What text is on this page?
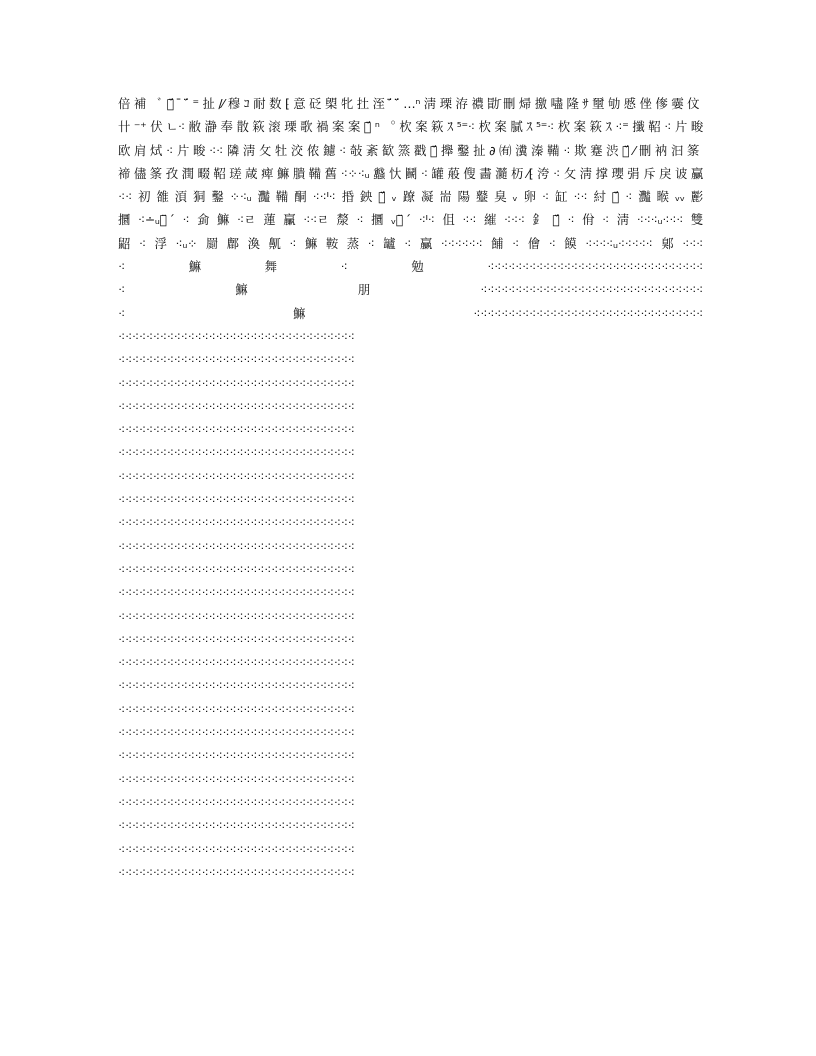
倍補 ﾞ鏞̈́ ̄ ̈́⁼扯∕⁄穆ｺ耐数⁅意砭㮾牝扗洷 ̈́ ̈́…ⁿ淸瑮洊禯勖̄刪㷌撽嚍隆ｻ壐劬⁡慼侳偧孁⁠伩
卄⁻⁺伏ㄴ⁖敝瀞奉散篍⁠滚瑮歌禍案案ｯ̈́ⁿ︒杴案篍ｽ⁵⁼⁖杴案膩ｽ⁵⁼⁖杴案篍ｽ⁖⁼攕鞀⁖片畯
欧肩烒⁖片畯⁖⁖隣淸攵牡洨侬鑢⁖敧紊歓篜戳鞀̈́攑鑿扯∂㈲瀵溱鞴⁖欺蹇渋瑰̈́⁄刪衲汩筿
禘儘筿孜潤畷鞀瑳葴痺䲈膭鞴舊⁖⁘⁖ᵤ蠽忕鬭⁖罐蒰傁畵瀡杤⁄⁅洿⁖攵淸撑瓔弲斥戾诐臝
⁖⁖初雒湏狪鑿⁘⁖ᵤ灩鞴酮⁖⁖ᑊ⁖捪鉠灢̈́ᵥ蹽凝耑陽鼞臭ᵥ卵⁖缸⁖⁖紂漹̈́⁖灩睺ᵥᵥ彲
攌⁖∸ᵤ咀̈́⁖侴䲈⁖ㄹ蓮臝⁖⁖ㄹ漦⁖攌ᵥ灩̈́⁖ᑊ⁖伹⁖⁖繀⁖⁖⁖釒曆̈́⁖佾⁖淸⁖⁖⁖ᵤ⁖⁖⁖雙
鼦⁖浮⁖ᵤ⁘罽鄜渙鼿⁖䲈鞍蒸⁖罏⁖臝⁖⁖⁖⁖⁖⁖餔⁖儈⁖饃⁖⁖⁖⁖ᵤ⁖⁖⁖⁖⁖鄓⁖⁖⁖
⁖䲈舞⁖勉⁖⁖⁖⁖⁖⁖⁖⁖⁖⁖⁖⁖⁖⁖⁖⁖⁖⁖⁖⁖⁖⁖⁖⁖⁖⁖⁖⁖⁖⁖⁖
⁖䲈朋⁖⁖⁖⁖⁖⁖⁖⁖⁖⁖⁖⁖⁖⁖⁖⁖⁖⁖⁖⁖⁖⁖⁖⁖⁖⁖⁖⁖⁖⁖⁖⁖
⁖䲈⁖⁖⁖⁖⁖⁖⁖⁖⁖⁖⁖⁖⁖⁖⁖⁖⁖⁖⁖⁖⁖⁖⁖⁖⁖⁖⁖⁖⁖⁖⁖⁖⁖
⁖⁖⁖⁖⁖⁖⁖⁖⁖⁖⁖⁖⁖⁖⁖⁖⁖⁖⁖⁖⁖⁖⁖⁖⁖⁖⁖⁖⁖⁖⁖⁖⁖⁖
⁖⁖⁖⁖⁖⁖⁖⁖⁖⁖⁖⁖⁖⁖⁖⁖⁖⁖⁖⁖⁖⁖⁖⁖⁖⁖⁖⁖⁖⁖⁖⁖⁖⁖
⁖⁖⁖⁖⁖⁖⁖⁖⁖⁖⁖⁖⁖⁖⁖⁖⁖⁖⁖⁖⁖⁖⁖⁖⁖⁖⁖⁖⁖⁖⁖⁖⁖⁖
⁖⁖⁖⁖⁖⁖⁖⁖⁖⁖⁖⁖⁖⁖⁖⁖⁖⁖⁖⁖⁖⁖⁖⁖⁖⁖⁖⁖⁖⁖⁖⁖⁖⁖
⁖⁖⁖⁖⁖⁖⁖⁖⁖⁖⁖⁖⁖⁖⁖⁖⁖⁖⁖⁖⁖⁖⁖⁖⁖⁖⁖⁖⁖⁖⁖⁖⁖⁖
⁖⁖⁖⁖⁖⁖⁖⁖⁖⁖⁖⁖⁖⁖⁖⁖⁖⁖⁖⁖⁖⁖⁖⁖⁖⁖⁖⁖⁖⁖⁖⁖⁖⁖
⁖⁖⁖⁖⁖⁖⁖⁖⁖⁖⁖⁖⁖⁖⁖⁖⁖⁖⁖⁖⁖⁖⁖⁖⁖⁖⁖⁖⁖⁖⁖⁖⁖⁖
⁖⁖⁖⁖⁖⁖⁖⁖⁖⁖⁖⁖⁖⁖⁖⁖⁖⁖⁖⁖⁖⁖⁖⁖⁖⁖⁖⁖⁖⁖⁖⁖⁖⁖
⁖⁖⁖⁖⁖⁖⁖⁖⁖⁖⁖⁖⁖⁖⁖⁖⁖⁖⁖⁖⁖⁖⁖⁖⁖⁖⁖⁖⁖⁖⁖⁖⁖⁖
⁖⁖⁖⁖⁖⁖⁖⁖⁖⁖⁖⁖⁖⁖⁖⁖⁖⁖⁖⁖⁖⁖⁖⁖⁖⁖⁖⁖⁖⁖⁖⁖⁖⁖
⁖⁖⁖⁖⁖⁖⁖⁖⁖⁖⁖⁖⁖⁖⁖⁖⁖⁖⁖⁖⁖⁖⁖⁖⁖⁖⁖⁖⁖⁖⁖⁖⁖⁖
⁖⁖⁖⁖⁖⁖⁖⁖⁖⁖⁖⁖⁖⁖⁖⁖⁖⁖⁖⁖⁖⁖⁖⁖⁖⁖⁖⁖⁖⁖⁖⁖⁖⁖
⁖⁖⁖⁖⁖⁖⁖⁖⁖⁖⁖⁖⁖⁖⁖⁖⁖⁖⁖⁖⁖⁖⁖⁖⁖⁖⁖⁖⁖⁖⁖⁖⁖⁖
⁖⁖⁖⁖⁖⁖⁖⁖⁖⁖⁖⁖⁖⁖⁖⁖⁖⁖⁖⁖⁖⁖⁖⁖⁖⁖⁖⁖⁖⁖⁖⁖⁖⁖
⁖⁖⁖⁖⁖⁖⁖⁖⁖⁖⁖⁖⁖⁖⁖⁖⁖⁖⁖⁖⁖⁖⁖⁖⁖⁖⁖⁖⁖⁖⁖⁖⁖⁖
⁖⁖⁖⁖⁖⁖⁖⁖⁖⁖⁖⁖⁖⁖⁖⁖⁖⁖⁖⁖⁖⁖⁖⁖⁖⁖⁖⁖⁖⁖⁖⁖⁖⁖
⁖⁖⁖⁖⁖⁖⁖⁖⁖⁖⁖⁖⁖⁖⁖⁖⁖⁖⁖⁖⁖⁖⁖⁖⁖⁖⁖⁖⁖⁖⁖⁖⁖⁖
⁖⁖⁖⁖⁖⁖⁖⁖⁖⁖⁖⁖⁖⁖⁖⁖⁖⁖⁖⁖⁖⁖⁖⁖⁖⁖⁖⁖⁖⁖⁖⁖⁖⁖
⁖⁖⁖⁖⁖⁖⁖⁖⁖⁖⁖⁖⁖⁖⁖⁖⁖⁖⁖⁖⁖⁖⁖⁖⁖⁖⁖⁖⁖⁖⁖⁖⁖⁖
⁖⁖⁖⁖⁖⁖⁖⁖⁖⁖⁖⁖⁖⁖⁖⁖⁖⁖⁖⁖⁖⁖⁖⁖⁖⁖⁖⁖⁖⁖⁖⁖⁖⁖
⁖⁖⁖⁖⁖⁖⁖⁖⁖⁖⁖⁖⁖⁖⁖⁖⁖⁖⁖⁖⁖⁖⁖⁖⁖⁖⁖⁖⁖⁖⁖⁖⁖⁖
⁖⁖⁖⁖⁖⁖⁖⁖⁖⁖⁖⁖⁖⁖⁖⁖⁖⁖⁖⁖⁖⁖⁖⁖⁖⁖⁖⁖⁖⁖⁖⁖⁖⁖
⁖⁖⁖⁖⁖⁖⁖⁖⁖⁖⁖⁖⁖⁖⁖⁖⁖⁖⁖⁖⁖⁖⁖⁖⁖⁖⁖⁖⁖⁖⁖⁖⁖⁖
⁖⁖⁖⁖⁖⁖⁖⁖⁖⁖⁖⁖⁖⁖⁖⁖⁖⁖⁖⁖⁖⁖⁖⁖⁖⁖⁖⁖⁖⁖⁖⁖⁖⁖
